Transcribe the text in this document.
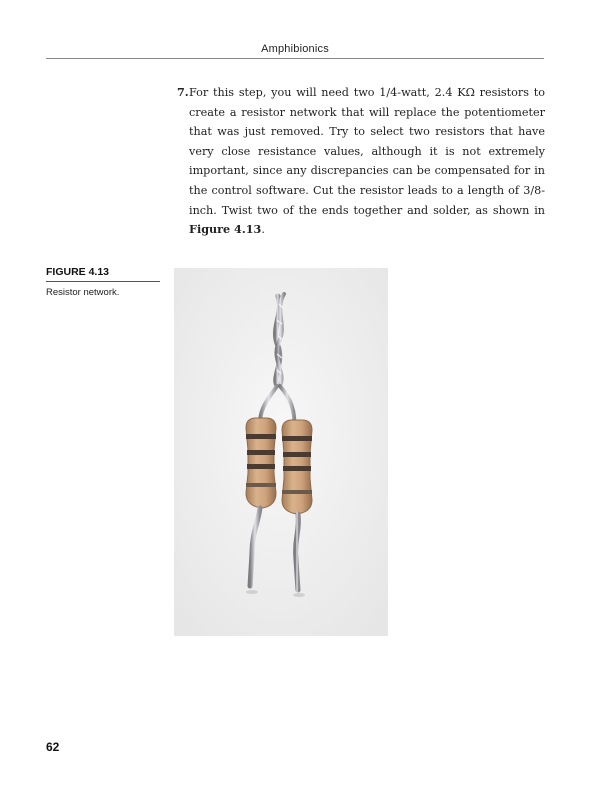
Amphibionics
7. For this step, you will need two 1/4-watt, 2.4 KΩ resistors to create a resistor network that will replace the potentiometer that was just removed. Try to select two resistors that have very close resistance values, although it is not extremely important, since any discrepancies can be compensated for in the control software. Cut the resistor leads to a length of 3/8-inch. Twist two of the ends together and solder, as shown in Figure 4.13.
FIGURE 4.13
Resistor network.
62
